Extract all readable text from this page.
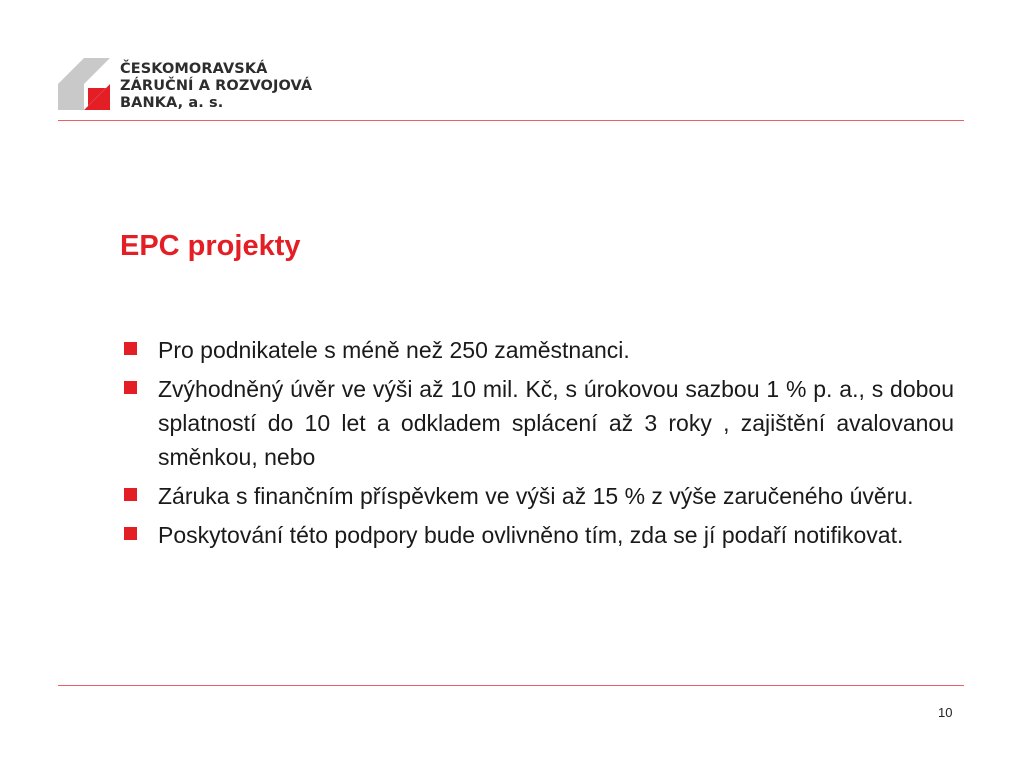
ČESKOMORAVSKÁ
ZÁRUČNÍ A ROZVOJOVÁ
BANKA, a. s.
EPC projekty
Pro podnikatele s méně než 250 zaměstnanci.
Zvýhodněný úvěr ve výši až 10 mil. Kč, s úrokovou sazbou 1 % p. a., s dobou splatností do 10 let a odkladem splácení až 3 roky , zajištění avalovanou směnkou, nebo
Záruka s finančním příspěvkem ve výši až 15 % z výše zaručeného úvěru.
Poskytování této podpory bude ovlivněno tím, zda se jí podaří notifikovat.
10
